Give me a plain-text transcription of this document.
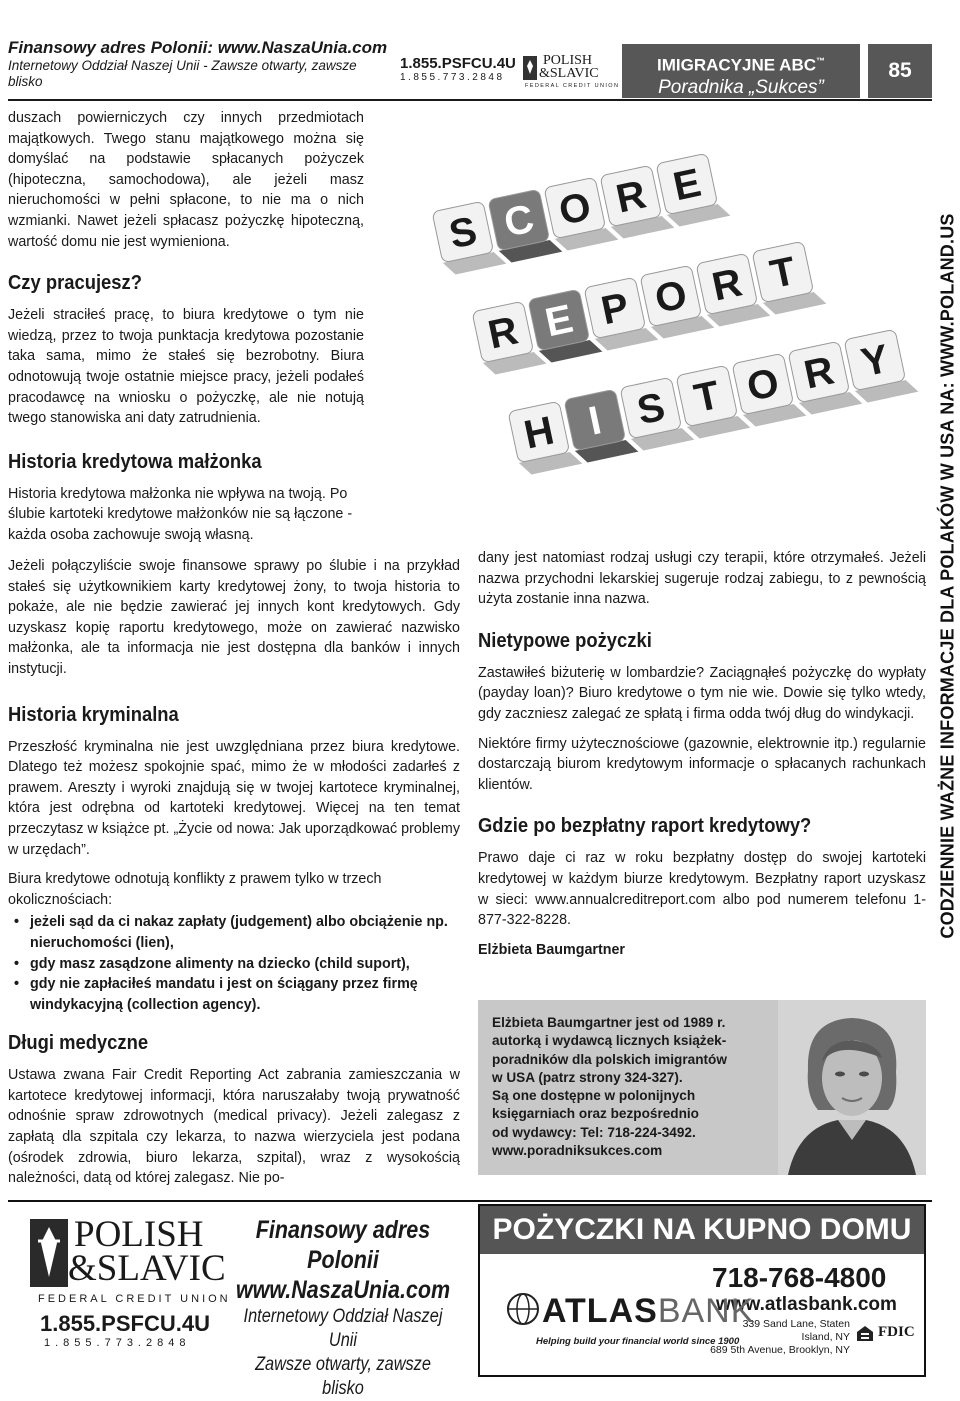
Finansowy adres Polonii: www.NaszaUnia.com
Internetowy Oddział Naszej Unii - Zawsze otwarty, zawsze blisko
1.855.PSFCU.4U
1.855.773.2848
POLISH
&SLAVIC
FEDERAL CREDIT UNION
IMIGRACYJNE ABC™
Poradnika „Sukces”
85
CODZIENNIE WAŻNE INFORMACJE DLA POLAKÓW W USA NA: WWW.POLAND.US

duszach powierniczych czy innych przedmiotach majątkowych. Twego stanu majątkowego można się domyślać na podstawie spłacanych pożyczek (hipoteczna, samochodowa), ale jeżeli masz nieruchomości w pełni spłacone, to nie ma o nich wzmianki. Nawet jeżeli spłacasz pożyczkę hipoteczną, wartość domu nie jest wymieniona.

Czy pracujesz?

Jeżeli straciłeś pracę, to biura kredytowe o tym nie wiedzą, przez to twoja punktacja kredytowa pozostanie taka sama, mimo że stałeś się bezrobotny. Biura odnotowują twoje ostatnie miejsce pracy, jeżeli podałeś pracodawcę na wniosku o pożyczkę, ale nie notują twego stanowiska ani daty zatrudnienia.

Historia kredytowa małżonka

Historia kredytowa małżonka nie wpływa na twoją. Po ślubie kartoteki kredytowe małżonków nie są łączone - każda osoba zachowuje swoją własną.

S C O R E
R E P O R T
H I S T O R Y

Jeżeli połączyliście swoje finansowe sprawy po ślubie i na przykład stałeś się użytkownikiem karty kredytowej żony, to twoja historia to pokaże, ale nie będzie zawierać jej innych kont kredytowych. Gdy uzyskasz kopię raportu kredytowego, może on zawierać nazwisko małżonka, ale ta informacja nie jest dostępna dla banków i innych instytucji.

Historia kryminalna

Przeszłość kryminalna nie jest uwzględniana przez biura kredytowe. Dlatego też możesz spokojnie spać, mimo że w młodości zadarłeś z prawem. Areszty i wyroki znajdują się w twojej kartotece kryminalnej, która jest odrębna od kartoteki kredytowej. Więcej na ten temat przeczytasz w książce pt. „Życie od nowa: Jak uporządkować problemy w urzędach”.

Biura kredytowe odnotują konflikty z prawem tylko w trzech okolicznościach:

• jeżeli sąd da ci nakaz zapłaty (judgement) albo obciążenie np. nieruchomości (lien),
• gdy masz zasądzone alimenty na dziecko (child suport),
• gdy nie zapłaciłeś mandatu i jest on ściągany przez firmę windykacyjną (collection agency).
Długi medyczne

Ustawa zwana Fair Credit Reporting Act zabrania zamieszczania w kartotece kredytowej informacji, która naruszałaby twoją prywatność odnośnie spraw zdrowotnych (medical privacy). Jeżeli zalegasz z zapłatą dla szpitala czy lekarza, to nazwa wierzyciela jest podana (ośrodek zdrowia, biuro lekarza, szpital), wraz z wysokością należności, datą od której zalegasz. Nie po-

dany jest natomiast rodzaj usługi czy terapii, które otrzymałeś. Jeżeli nazwa przychodni lekarskiej sugeruje rodzaj zabiegu, to z pewnością użyta zostanie inna nazwa.

Nietypowe pożyczki

Zastawiłeś biżuterię w lombardzie? Zaciągnąłeś pożyczkę do wypłaty (payday loan)? Biuro kredytowe o tym nie wie. Dowie się tylko wtedy, gdy zaczniesz zalegać ze spłatą i firma odda twój dług do windykacji.

Niektóre firmy użytecznościowe (gazownie, elektrownie itp.) regularnie dostarczają biurom kredytowym informacje o spłacanych rachunkach klientów.

Gdzie po bezpłatny raport kredytowy?

Prawo daje ci raz w roku bezpłatny dostęp do swojej kartoteki kredytowej w każdym biurze kredytowym. Bezpłatny raport uzyskasz w sieci: www.annualcreditreport.com albo pod numerem telefonu 1-877-322-8228.

Elżbieta Baumgartner

Elżbieta Baumgartner jest od 1989 r.
autorką i wydawcą licznych książek-
poradników dla polskich imigrantów
w USA (patrz strony 324-327).
Są one dostępne w polonijnych
księgarniach oraz bezpośrednio
od wydawcy: Tel: 718-224-3492.
www.poradniksukces.com
POLISH
&SLAVIC
FEDERAL CREDIT UNION
1.855.PSFCU.4U
1.855.773.2848
Finansowy adres Polonii
www.NaszaUnia.com
Internetowy Oddział Naszej Unii
Zawsze otwarty, zawsze blisko
POŻYCZKI NA KUPNO DOMU
718-768-4800
www.atlasbank.com
339 Sand Lane, Staten Island, NY
689 5th Avenue, Brooklyn, NY
FDIC
ATLASBANK
Helping build your financial world since 1900
